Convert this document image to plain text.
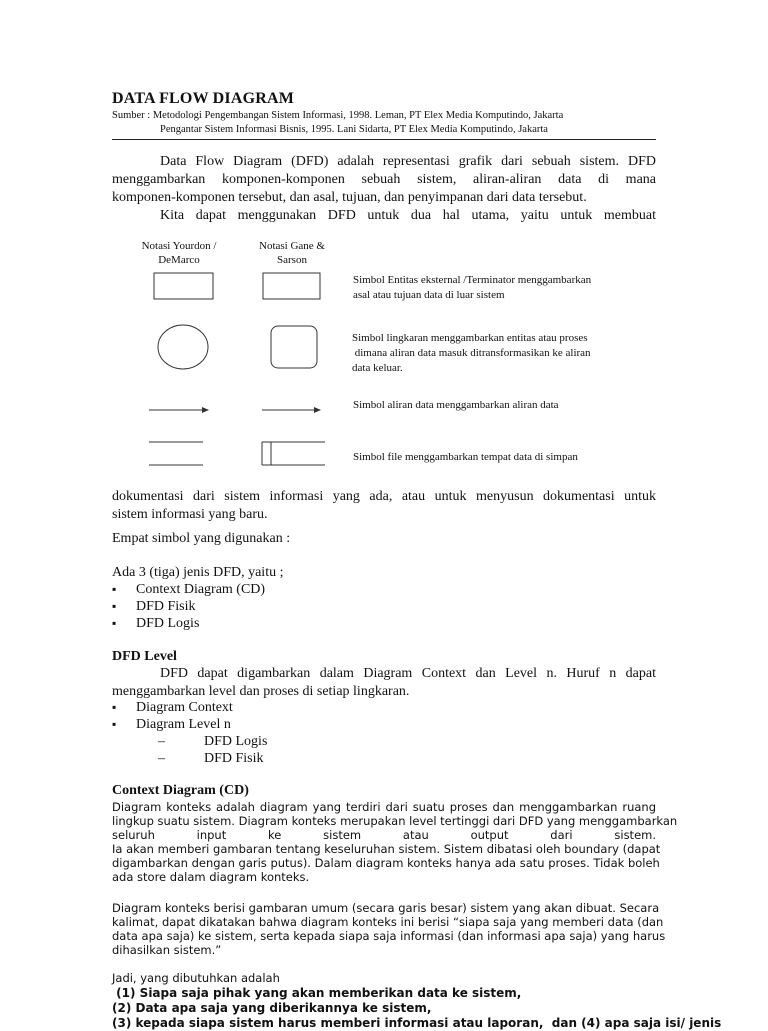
DATA FLOW DIAGRAM
Sumber : Metodologi Pengembangan Sistem Informasi, 1998. Leman, PT Elex Media Komputindo, Jakarta
Pengantar Sistem Informasi Bisnis, 1995. Lani Sidarta, PT Elex Media Komputindo, Jakarta
Data Flow Diagram (DFD) adalah representasi grafik dari sebuah sistem. DFD
menggambarkan komponen-komponen sebuah sistem, aliran-aliran data di mana
komponen-komponen tersebut, dan asal, tujuan, dan penyimpanan dari data tersebut.
Kita dapat menggunakan DFD untuk dua hal utama, yaitu untuk membuat
Notasi Yourdon /
DeMarco
Notasi Gane &
Sarson
Simbol Entitas eksternal /Terminator menggambarkan
asal atau tujuan data di luar sistem
Simbol lingkaran menggambarkan entitas atau proses
dimana aliran data masuk ditransformasikan ke aliran
data keluar.
Simbol aliran data menggambarkan aliran data
Simbol file menggambarkan tempat data di simpan
dokumentasi dari sistem informasi yang ada, atau untuk menyusun dokumentasi untuk
sistem informasi yang baru.
Empat simbol yang digunakan :
Ada 3 (tiga) jenis DFD, yaitu ;
▪ Context Diagram (CD)
▪ DFD Fisik
▪ DFD Logis
DFD Level
DFD dapat digambarkan dalam Diagram Context dan Level n. Huruf n dapat
menggambarkan level dan proses di setiap lingkaran.
▪ Diagram Context
▪ Diagram Level n
–	DFD Logis
–	DFD Fisik
Context Diagram (CD)
Diagram konteks adalah diagram yang terdiri dari suatu proses dan menggambarkan ruang
lingkup suatu sistem. Diagram konteks merupakan level tertinggi dari DFD yang menggambarkan
seluruh input ke sistem atau output dari sistem.
Ia akan memberi gambaran tentang keseluruhan sistem. Sistem dibatasi oleh boundary (dapat
digambarkan dengan garis putus). Dalam diagram konteks hanya ada satu proses. Tidak boleh
ada store dalam diagram konteks.
Diagram konteks berisi gambaran umum (secara garis besar) sistem yang akan dibuat. Secara
kalimat, dapat dikatakan bahwa diagram konteks ini berisi “siapa saja yang memberi data (dan
data apa saja) ke sistem, serta kepada siapa saja informasi (dan informasi apa saja) yang harus
dihasilkan sistem.”
Jadi, yang dibutuhkan adalah
(1) Siapa saja pihak yang akan memberikan data ke sistem,
(2) Data apa saja yang diberikannya ke sistem,
(3) kepada siapa sistem harus memberi informasi atau laporan,  dan (4) apa saja isi/ jenis
